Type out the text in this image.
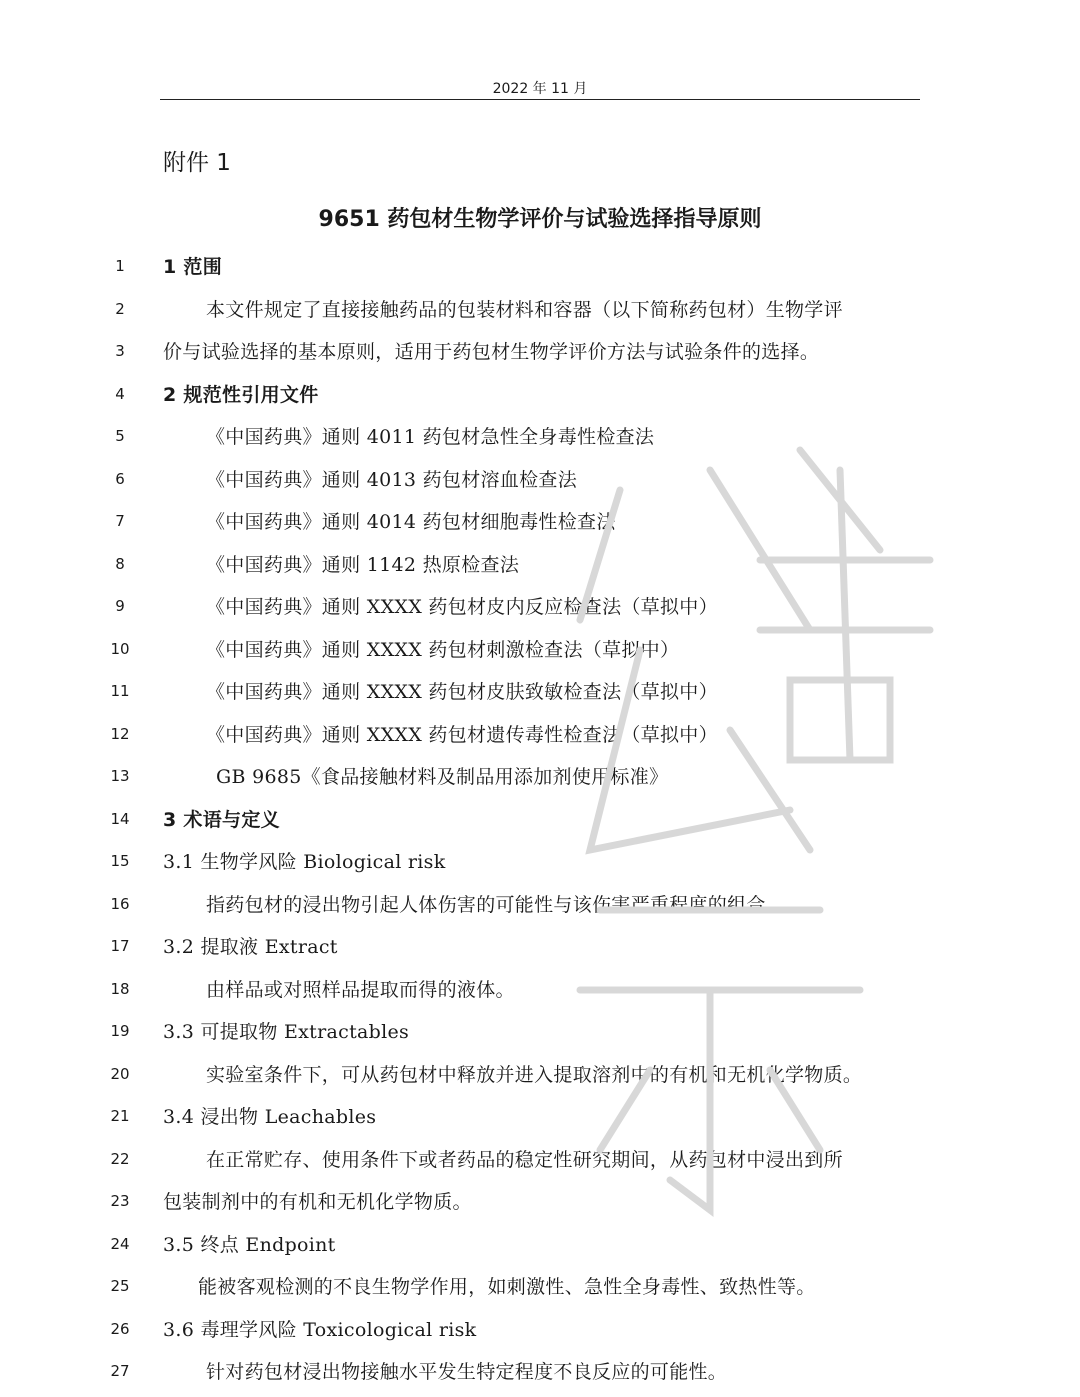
2022 年 11 月
附件 1
9651 药包材生物学评价与试验选择指导原则
1	1 范围
2	本文件规定了直接接触药品的包装材料和容器（以下简称药包材）生物学评
3	价与试验选择的基本原则，适用于药包材生物学评价方法与试验条件的选择。
4	2 规范性引用文件
5	《中国药典》通则 4011 药包材急性全身毒性检查法
6	《中国药典》通则 4013 药包材溶血检查法
7	《中国药典》通则 4014 药包材细胞毒性检查法
8	《中国药典》通则 1142 热原检查法
9	《中国药典》通则 XXXX 药包材皮内反应检查法（草拟中）
10	《中国药典》通则 XXXX 药包材刺激检查法（草拟中）
11	《中国药典》通则 XXXX 药包材皮肤致敏检查法（草拟中）
12	《中国药典》通则 XXXX 药包材遗传毒性检查法（草拟中）
13	GB 9685《食品接触材料及制品用添加剂使用标准》
14	3 术语与定义
15	3.1 生物学风险 Biological risk
16	指药包材的浸出物引起人体伤害的可能性与该伤害严重程度的组合。
17	3.2 提取液 Extract
18	由样品或对照样品提取而得的液体。
19	3.3 可提取物 Extractables
20	实验室条件下，可从药包材中释放并进入提取溶剂中的有机和无机化学物质。
21	3.4 浸出物 Leachables
22	在正常贮存、使用条件下或者药品的稳定性研究期间，从药包材中浸出到所
23	包装制剂中的有机和无机化学物质。
24	3.5 终点 Endpoint
25	能被客观检测的不良生物学作用，如刺激性、急性全身毒性、致热性等。
26	3.6 毒理学风险 Toxicological risk
27	针对药包材浸出物接触水平发生特定程度不良反应的可能性。
